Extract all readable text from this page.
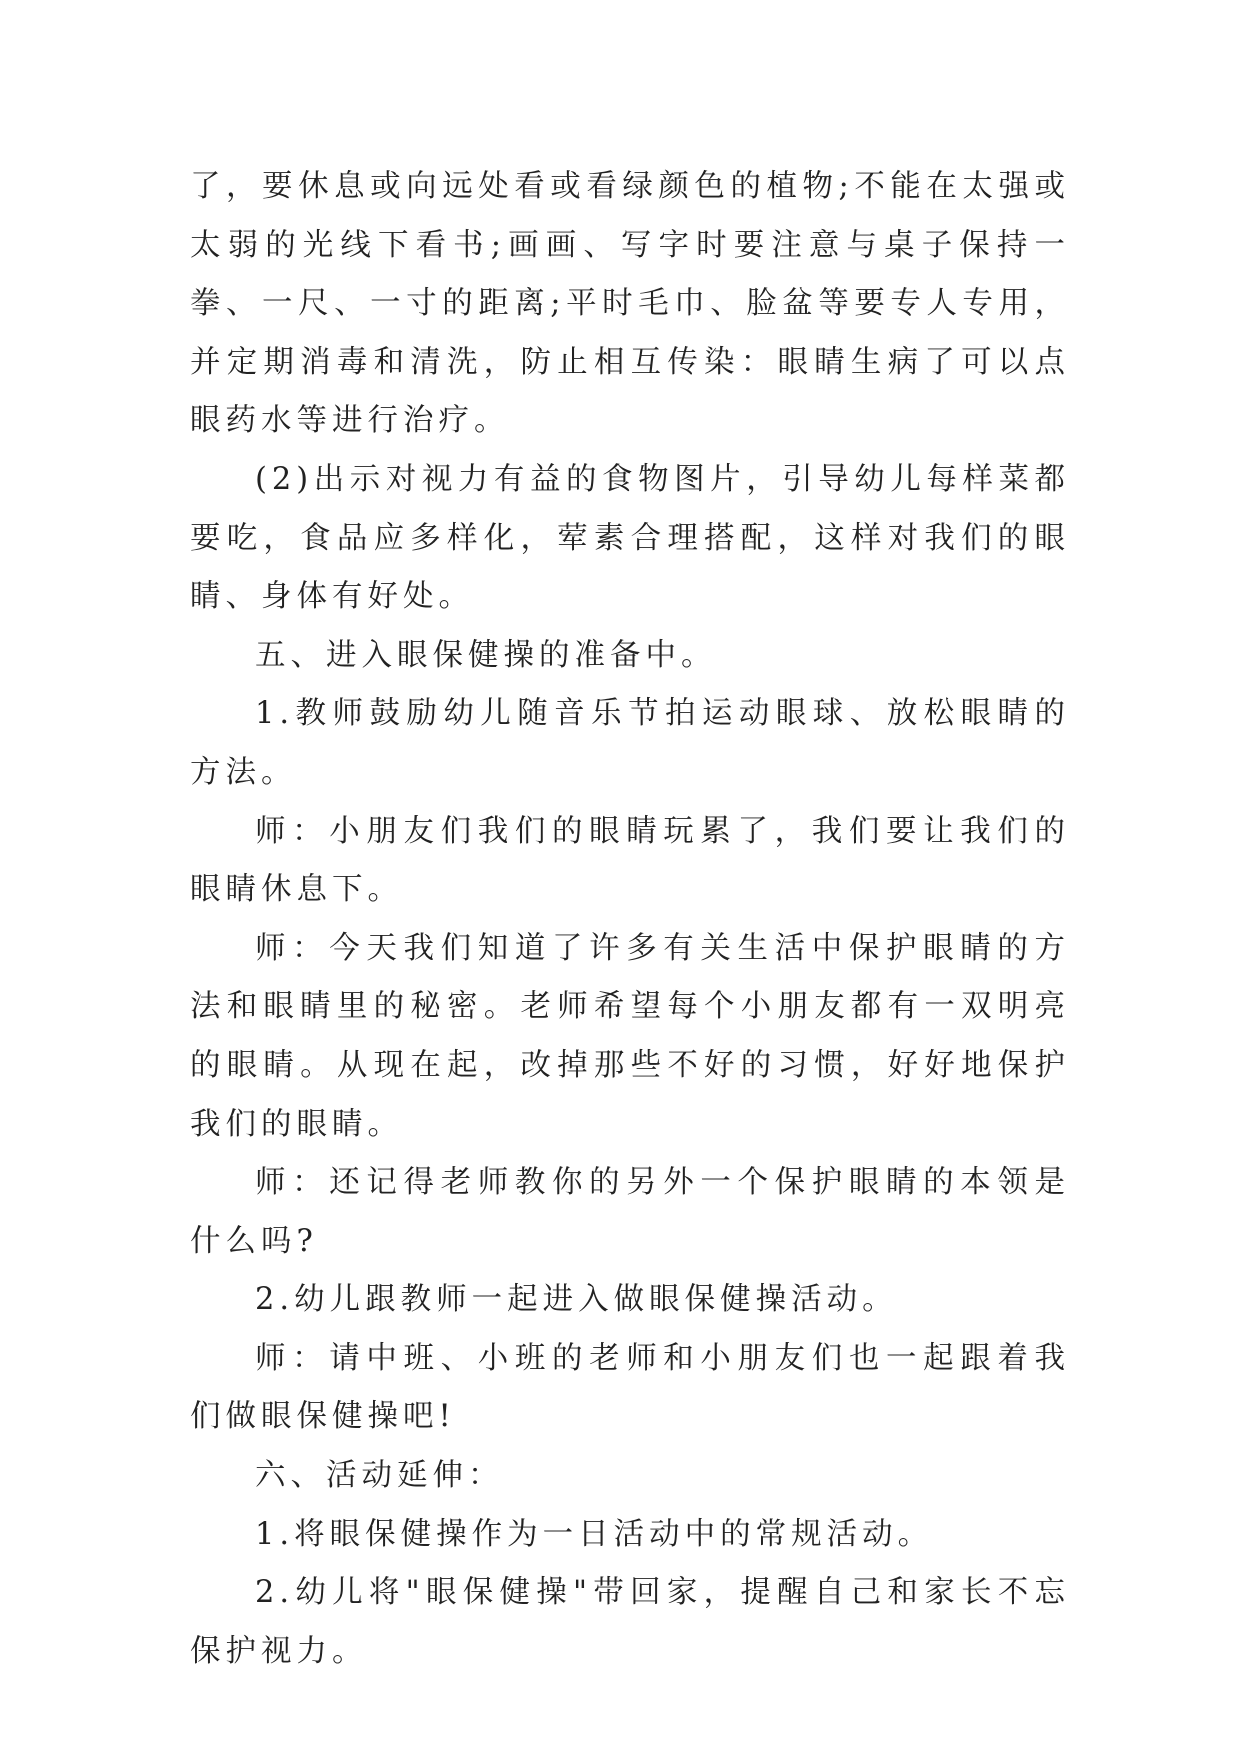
了，要休息或向远处看或看绿颜色的植物;不能在太强或太弱的光线下看书;画画、写字时要注意与桌子保持一拳、一尺、一寸的距离;平时毛巾、脸盆等要专人专用，并定期消毒和清洗，防止相互传染：眼睛生病了可以点眼药水等进行治疗。

(2)出示对视力有益的食物图片，引导幼儿每样菜都要吃，食品应多样化，荤素合理搭配，这样对我们的眼睛、身体有好处。

五、进入眼保健操的准备中。

1.教师鼓励幼儿随音乐节拍运动眼球、放松眼睛的方法。

师：小朋友们我们的眼睛玩累了，我们要让我们的眼睛休息下。

师：今天我们知道了许多有关生活中保护眼睛的方法和眼睛里的秘密。老师希望每个小朋友都有一双明亮的眼睛。从现在起，改掉那些不好的习惯，好好地保护我们的眼睛。

师：还记得老师教你的另外一个保护眼睛的本领是什么吗?

2.幼儿跟教师一起进入做眼保健操活动。

师：请中班、小班的老师和小朋友们也一起跟着我们做眼保健操吧!

六、活动延伸：

1.将眼保健操作为一日活动中的常规活动。

2.幼儿将"眼保健操"带回家，提醒自己和家长不忘保护视力。
